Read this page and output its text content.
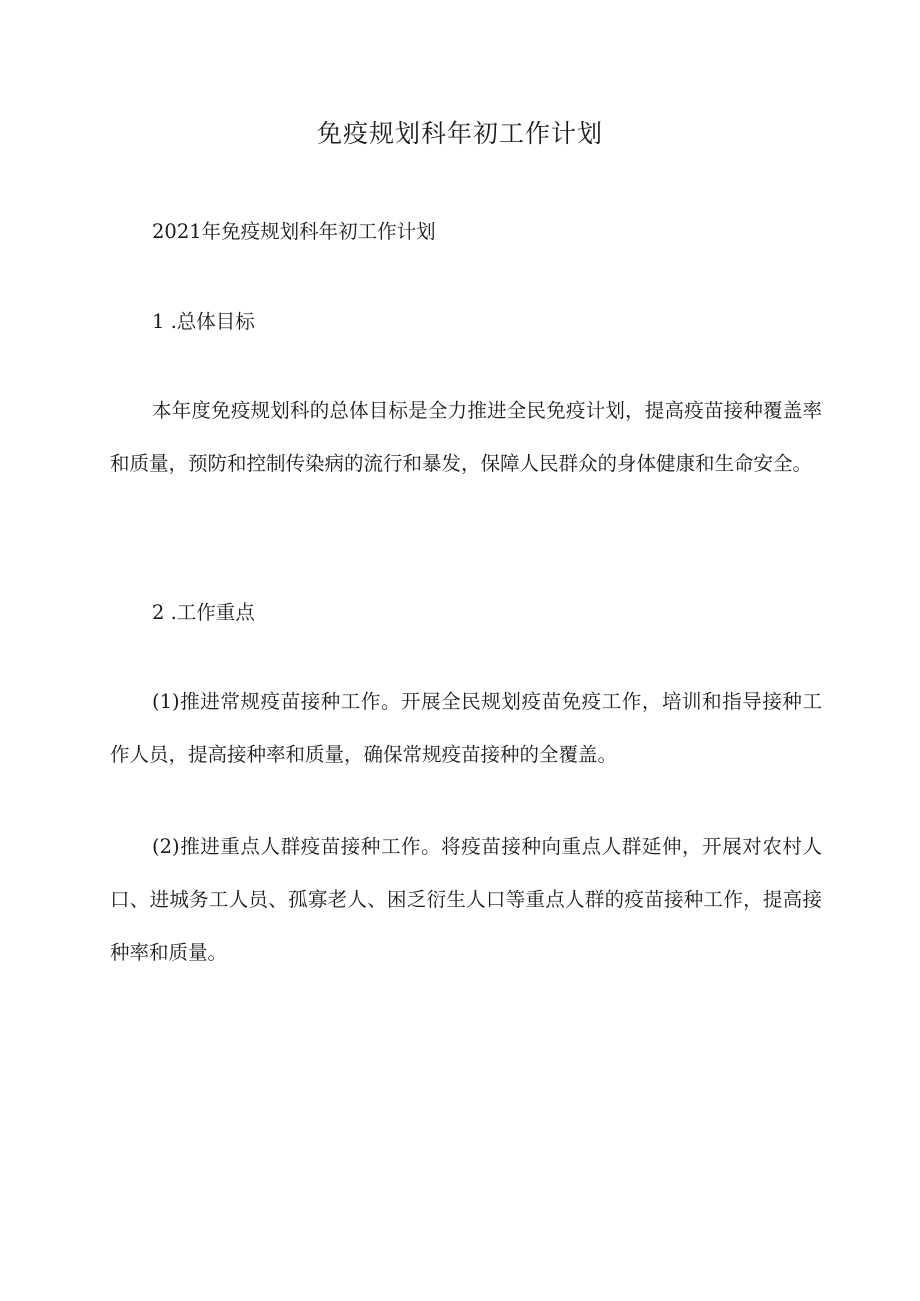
免疫规划科年初工作计划

2021年免疫规划科年初工作计划

1 .总体目标

本年度免疫规划科的总体目标是全力推进全民免疫计划，提高疫苗接种覆盖率和质量，预防和控制传染病的流行和暴发，保障人民群众的身体健康和生命安全。

2 .工作重点

(1)推进常规疫苗接种工作。开展全民规划疫苗免疫工作，培训和指导接种工作人员，提高接种率和质量，确保常规疫苗接种的全覆盖。

(2)推进重点人群疫苗接种工作。将疫苗接种向重点人群延伸，开展对农村人口、进城务工人员、孤寡老人、困乏衍生人口等重点人群的疫苗接种工作，提高接种率和质量。
